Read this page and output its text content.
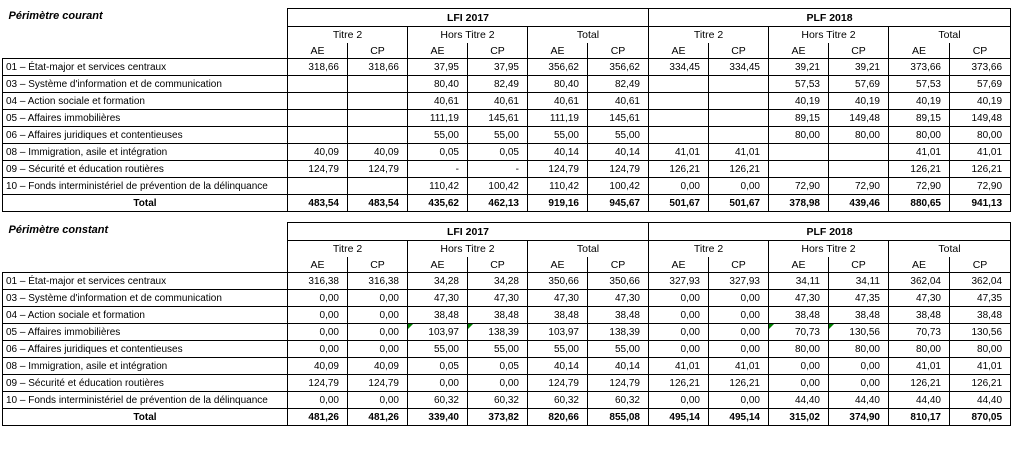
Périmètre courant	LFI 2017						PLF 2018					
	Titre 2		Hors Titre 2		Total		Titre 2		Hors Titre 2		Total	
	AE	CP	AE	CP	AE	CP	AE	CP	AE	CP	AE	CP
01 – État-major et services centraux	318,66	318,66	37,95	37,95	356,62	356,62	334,45	334,45	39,21	39,21	373,66	373,66
03 – Système d'information et de communication			80,40	82,49	80,40	82,49			57,53	57,69	57,53	57,69
04 – Action sociale et formation			40,61	40,61	40,61	40,61			40,19	40,19	40,19	40,19
05 – Affaires immobilières			111,19	145,61	111,19	145,61			89,15	149,48	89,15	149,48
06 – Affaires juridiques et contentieuses			55,00	55,00	55,00	55,00			80,00	80,00	80,00	80,00
08 – Immigration, asile et intégration	40,09	40,09	0,05	0,05	40,14	40,14	41,01	41,01			41,01	41,01
09 – Sécurité et éducation routières	124,79	124,79	-	-	124,79	124,79	126,21	126,21			126,21	126,21
10 – Fonds interministériel de prévention de la délinquance			110,42	100,42	110,42	100,42	0,00	0,00	72,90	72,90	72,90	72,90
Total	483,54	483,54	435,62	462,13	919,16	945,67	501,67	501,67	378,98	439,46	880,65	941,13
Périmètre constant	LFI 2017						PLF 2018					
	Titre 2		Hors Titre 2		Total		Titre 2		Hors Titre 2		Total	
	AE	CP	AE	CP	AE	CP	AE	CP	AE	CP	AE	CP
01 – État-major et services centraux	316,38	316,38	34,28	34,28	350,66	350,66	327,93	327,93	34,11	34,11	362,04	362,04
03 – Système d'information et de communication	0,00	0,00	47,30	47,30	47,30	47,30	0,00	0,00	47,30	47,35	47,30	47,35
04 – Action sociale et formation	0,00	0,00	38,48	38,48	38,48	38,48	0,00	0,00	38,48	38,48	38,48	38,48
05 – Affaires immobilières	0,00	0,00	103,97	138,39	103,97	138,39	0,00	0,00	70,73	130,56	70,73	130,56
06 – Affaires juridiques et contentieuses	0,00	0,00	55,00	55,00	55,00	55,00	0,00	0,00	80,00	80,00	80,00	80,00
08 – Immigration, asile et intégration	40,09	40,09	0,05	0,05	40,14	40,14	41,01	41,01	0,00	0,00	41,01	41,01
09 – Sécurité et éducation routières	124,79	124,79	0,00	0,00	124,79	124,79	126,21	126,21	0,00	0,00	126,21	126,21
10 – Fonds interministériel de prévention de la délinquance	0,00	0,00	60,32	60,32	60,32	60,32	0,00	0,00	44,40	44,40	44,40	44,40
Total	481,26	481,26	339,40	373,82	820,66	855,08	495,14	495,14	315,02	374,90	810,17	870,05
